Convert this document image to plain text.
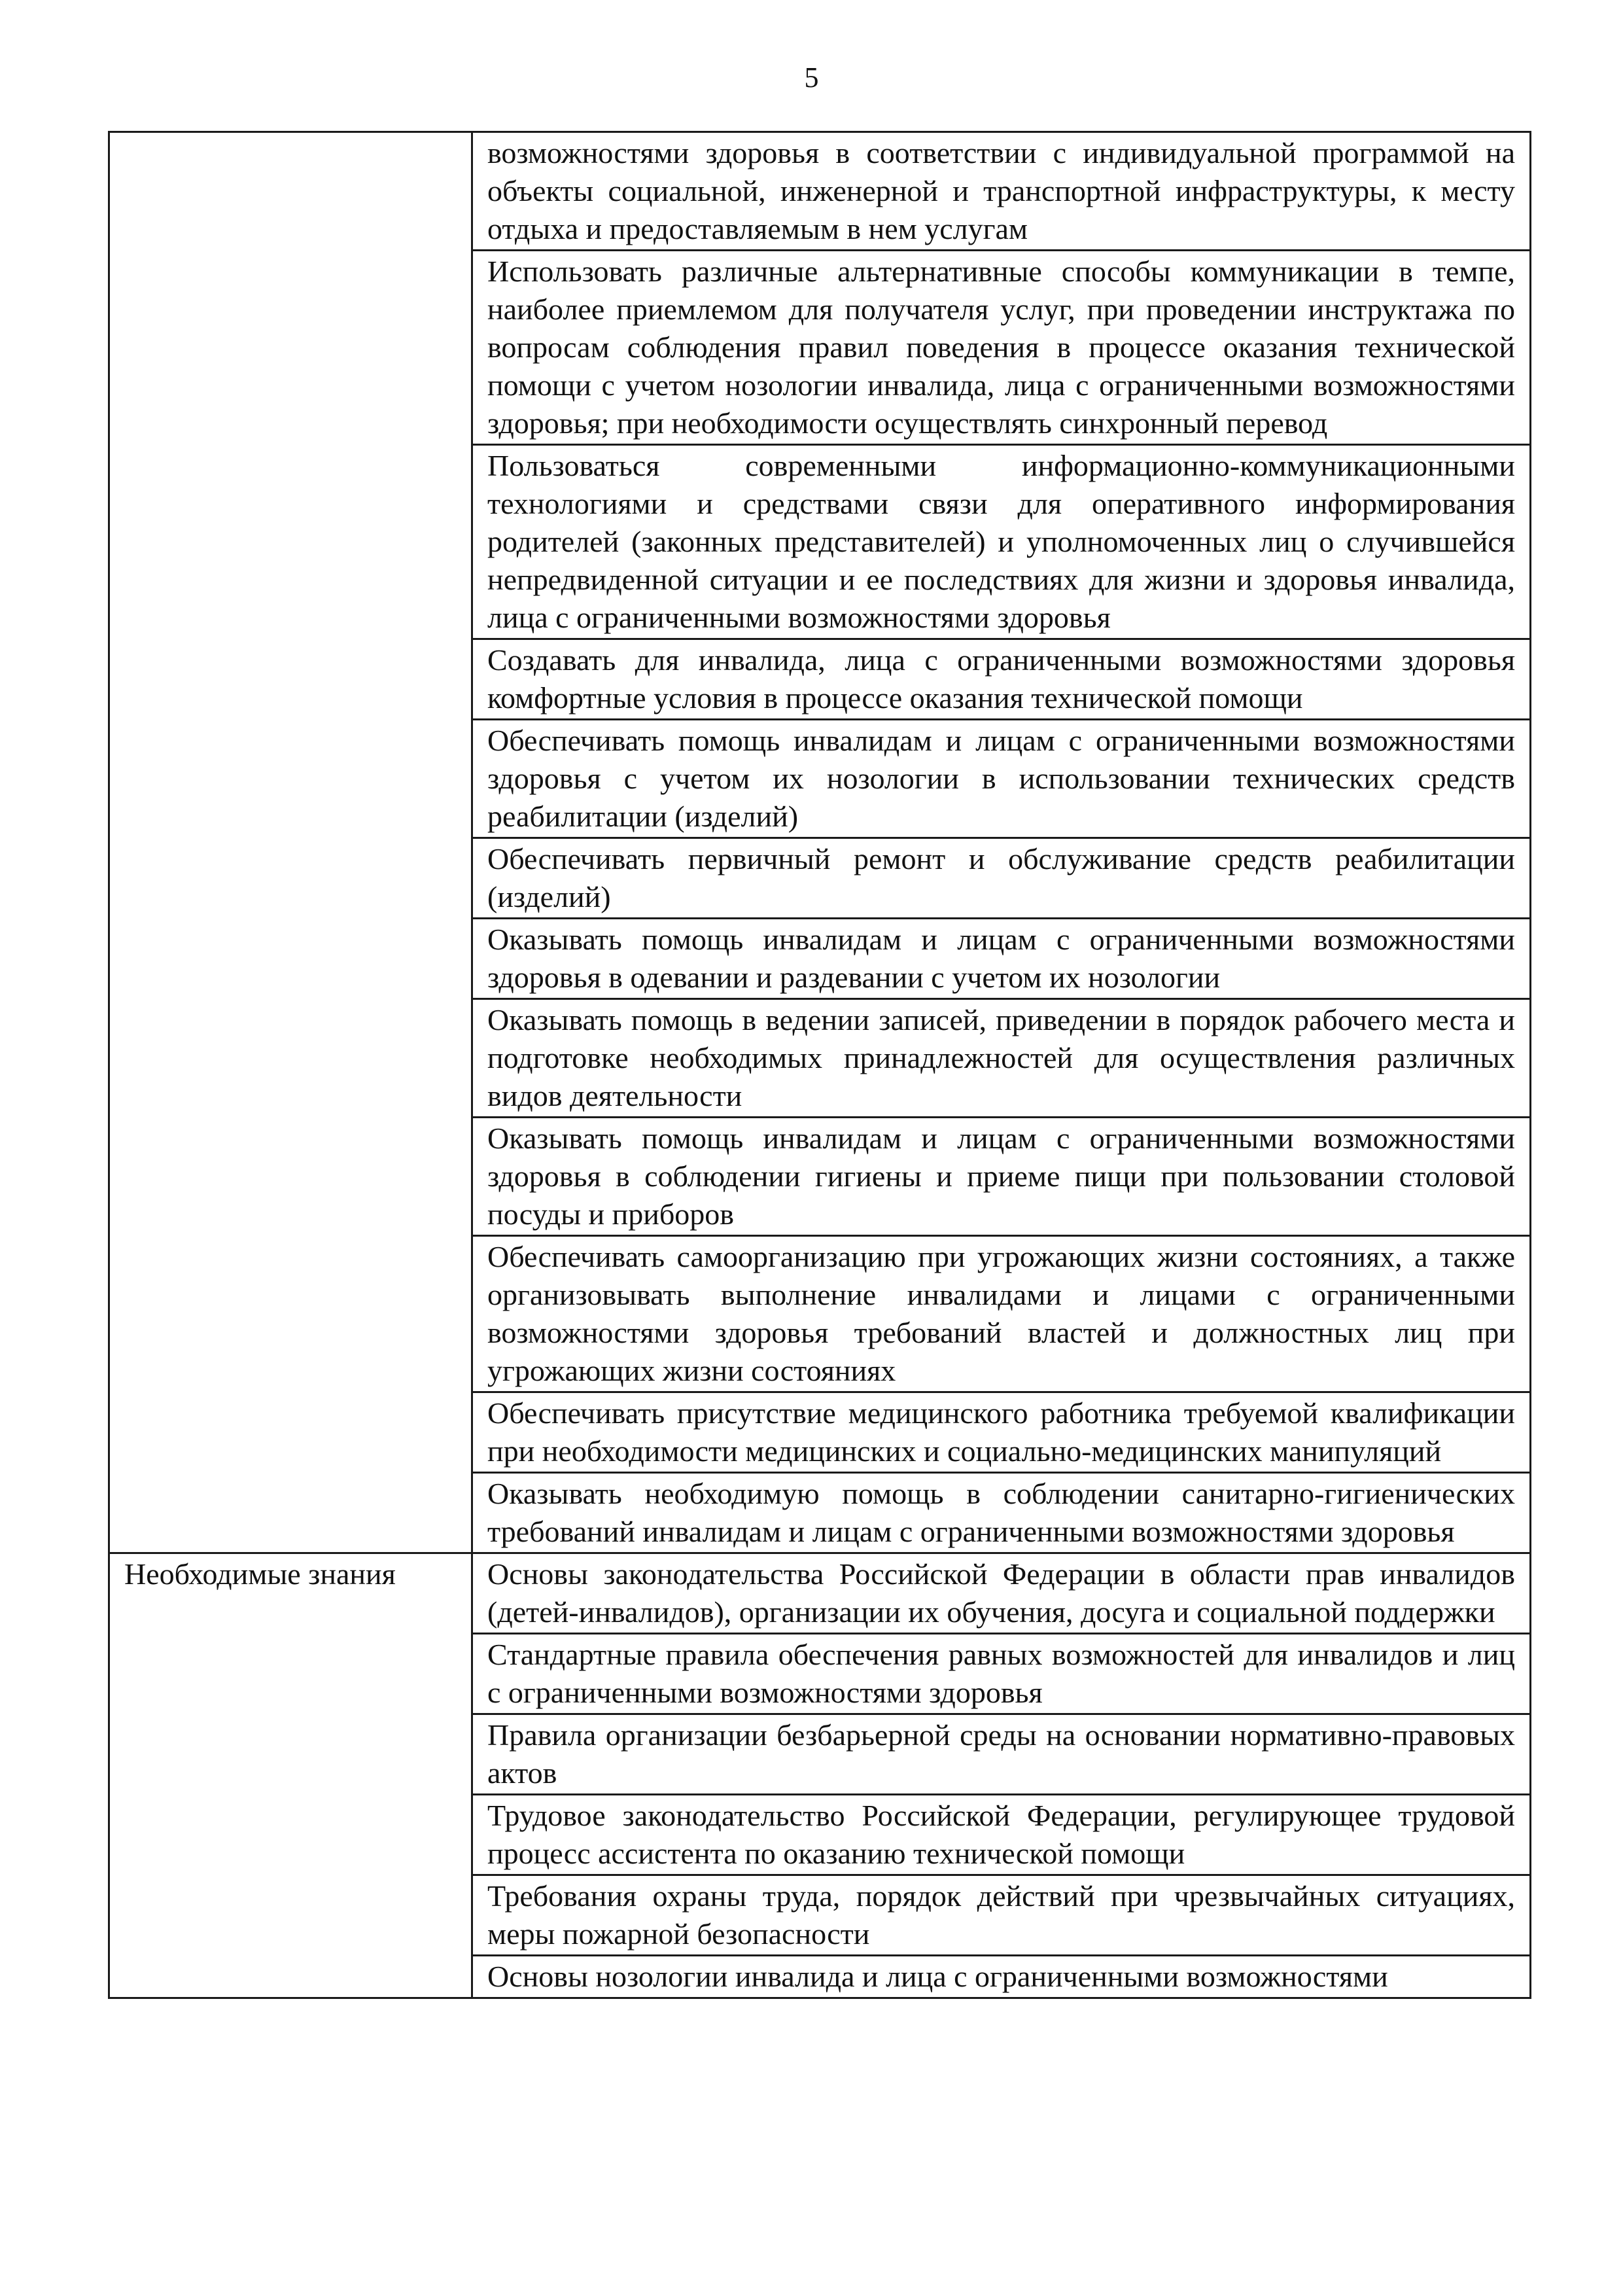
5
	возможностями здоровья в соответствии с индивидуальной программой на объекты социальной, инженерной и транспортной инфраструктуры, к месту отдыха и предоставляемым в нем услугам
	Использовать различные альтернативные способы коммуникации в темпе, наиболее приемлемом для получателя услуг, при проведении инструктажа по вопросам соблюдения правил поведения в процессе оказания технической помощи с учетом нозологии инвалида, лица с ограниченными возможностями здоровья; при необходимости осуществлять синхронный перевод
	Пользоваться современными информационно-коммуникационными технологиями и средствами связи для оперативного информирования родителей (законных представителей) и уполномоченных лиц о случившейся непредвиденной ситуации и ее последствиях для жизни и здоровья инвалида, лица с ограниченными возможностями здоровья
	Создавать для инвалида, лица с ограниченными возможностями здоровья комфортные условия в процессе оказания технической помощи
	Обеспечивать помощь инвалидам и лицам с ограниченными возможностями здоровья с учетом их нозологии в использовании технических средств реабилитации (изделий)
	Обеспечивать первичный ремонт и обслуживание средств реабилитации (изделий)
	Оказывать помощь инвалидам и лицам с ограниченными возможностями здоровья в одевании и раздевании с учетом их нозологии
	Оказывать помощь в ведении записей, приведении в порядок рабочего места и подготовке необходимых принадлежностей для осуществления различных видов деятельности
	Оказывать помощь инвалидам и лицам с ограниченными возможностями здоровья в соблюдении гигиены и приеме пищи при пользовании столовой посуды и приборов
	Обеспечивать самоорганизацию при угрожающих жизни состояниях, а также организовывать выполнение инвалидами и лицами с ограниченными возможностями здоровья требований властей и должностных лиц при угрожающих жизни состояниях
	Обеспечивать присутствие медицинского работника требуемой квалификации при необходимости медицинских и социально-медицинских манипуляций
	Оказывать необходимую помощь в соблюдении санитарно-гигиенических требований инвалидам и лицам с ограниченными возможностями здоровья

Необходимые знания	Основы законодательства Российской Федерации в области прав инвалидов (детей-инвалидов), организации их обучения, досуга и социальной поддержки
	Стандартные правила обеспечения равных возможностей для инвалидов и лиц с ограниченными возможностями здоровья
	Правила организации безбарьерной среды на основании нормативно-правовых актов
	Трудовое законодательство Российской Федерации, регулирующее трудовой процесс ассистента по оказанию технической помощи
	Требования охраны труда, порядок действий при чрезвычайных ситуациях, меры пожарной безопасности
	Основы нозологии инвалида и лица с ограниченными возможностями
